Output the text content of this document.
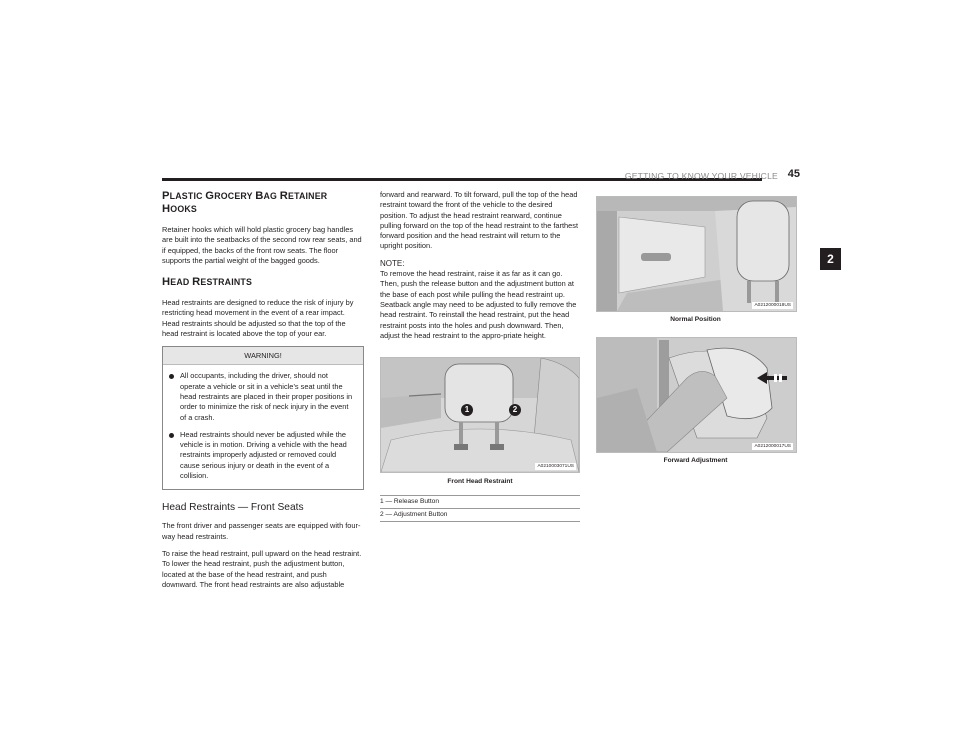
GETTING TO KNOW YOUR VEHICLE 45
2
PLASTIC GROCERY BAG RETAINER HOOKS

Retainer hooks which will hold plastic grocery bag handles are built into the seatbacks of the second row rear seats, and if equipped, the backs of the front row seats. The floor supports the partial weight of the bagged goods.

HEAD RESTRAINTS

Head restraints are designed to reduce the risk of injury by restricting head movement in the event of a rear impact. Head restraints should be adjusted so that the top of the head restraint is located above the top of your ear.

WARNING!
All occupants, including the driver, should not operate a vehicle or sit in a vehicle’s seat until the head restraints are placed in their proper positions in order to minimize the risk of neck injury in the event of a crash.
Head restraints should never be adjusted while the vehicle is in motion. Driving a vehicle with the head restraints improperly adjusted or removed could cause serious injury or death in the event of a collision.
Head Restraints — Front Seats

The front driver and passenger seats are equipped with four-way head restraints.

To raise the head restraint, pull upward on the head restraint. To lower the head restraint, push the adjustment button, located at the base of the head restraint, and push downward. The front head restraints are also adjustable

forward and rearward. To tilt forward, pull the top of the head restraint toward the front of the vehicle to the desired position. To adjust the head restraint rearward, continue pulling forward on the top of the head restraint to the farthest forward position and the head restraint will return to the upright position.

NOTE:

To remove the head restraint, raise it as far as it can go. Then, push the release button and the adjustment button at the base of each post while pulling the head restraint up. Seatback angle may need to be adjusted to fully remove the head restraint. To reinstall the head restraint, put the head restraint posts into the holes and push downward. Then, adjust the head restraint to the appro-priate height.

1	2
A0210003071US
Front Head Restraint
1 — Release Button
2 — Adjustment Button
A0212000018US
Normal Position
A0212000017US
Forward Adjustment
